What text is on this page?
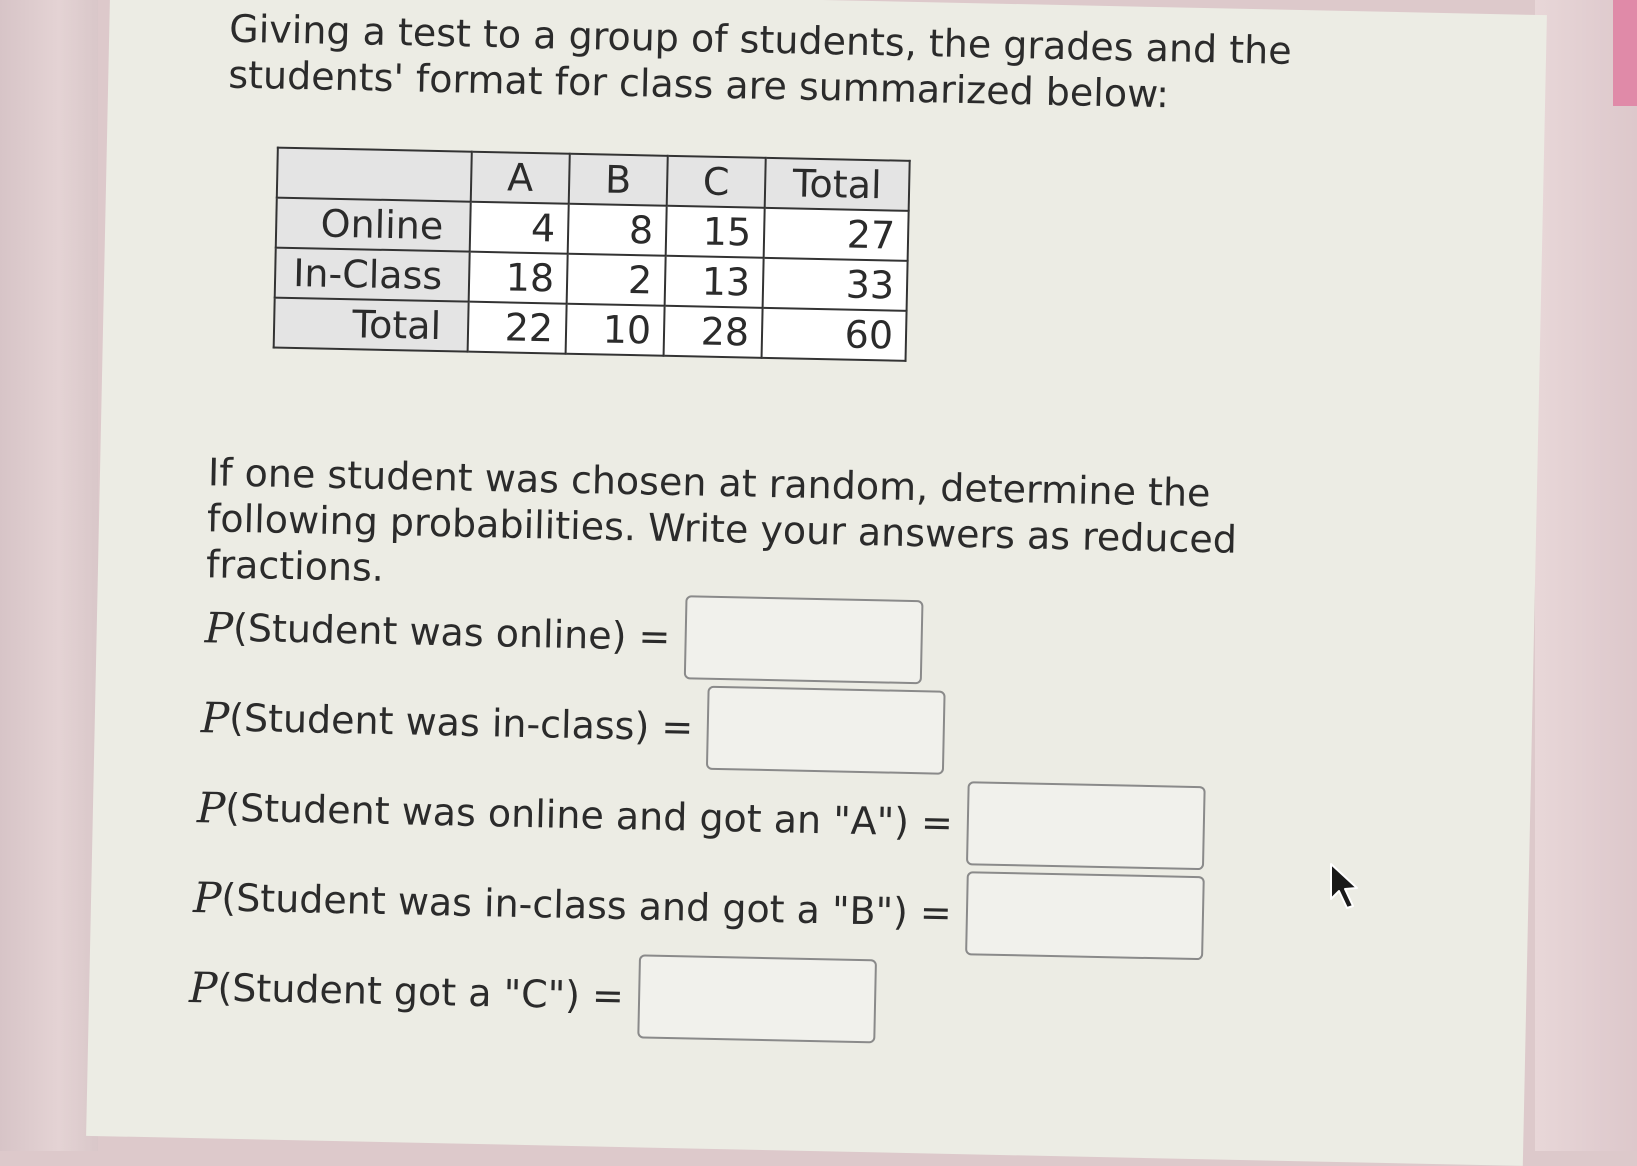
Giving a test to a group of students, the grades and the students' format for class are summarized below:
	A	B	C	Total
Online	4	8	15	27
In-Class	18	2	13	33
Total	22	10	28	60
If one student was chosen at random, determine the following probabilities. Write your answers as reduced fractions.
P (Student was online) =
P (Student was in-class) =
P (Student was online and got an "A") =
P (Student was in-class and got a "B") =
P (Student got a "C") =
